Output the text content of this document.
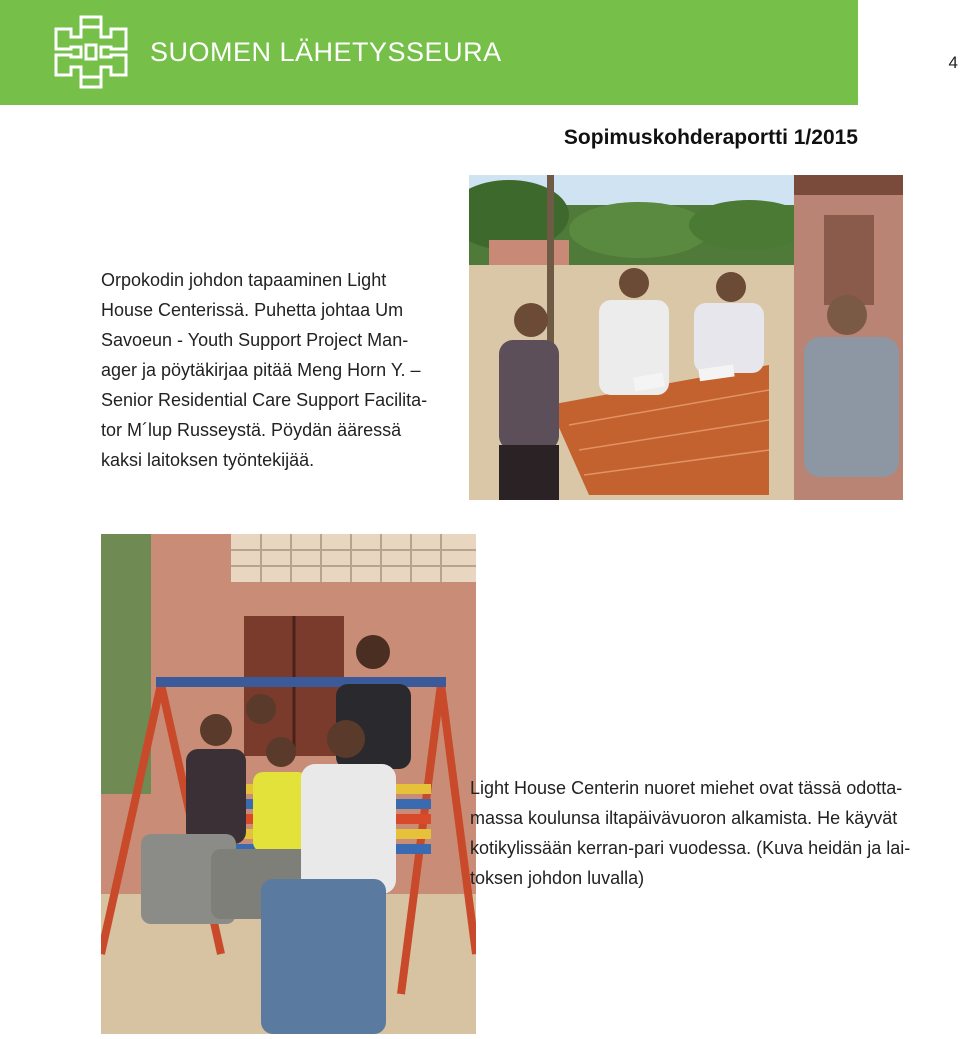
SUOMEN LÄHETYSSEURA	4
Sopimuskohderaportti 1/2015
Orpokodin johdon tapaaminen Light
House Centerissä. Puhetta johtaa Um
Savoeun - Youth Support Project Man-
ager ja pöytäkirjaa pitää Meng Horn Y. –
Senior Residential Care Support Facilita-
tor M´lup Russeystä. Pöydän ääressä
kaksi laitoksen työntekijää.
Light House Centerin nuoret miehet ovat tässä odotta-
massa koulunsa iltapäivävuoron alkamista. He käyvät
kotikylissään kerran-pari vuodessa. (Kuva heidän ja lai-
toksen johdon luvalla)
